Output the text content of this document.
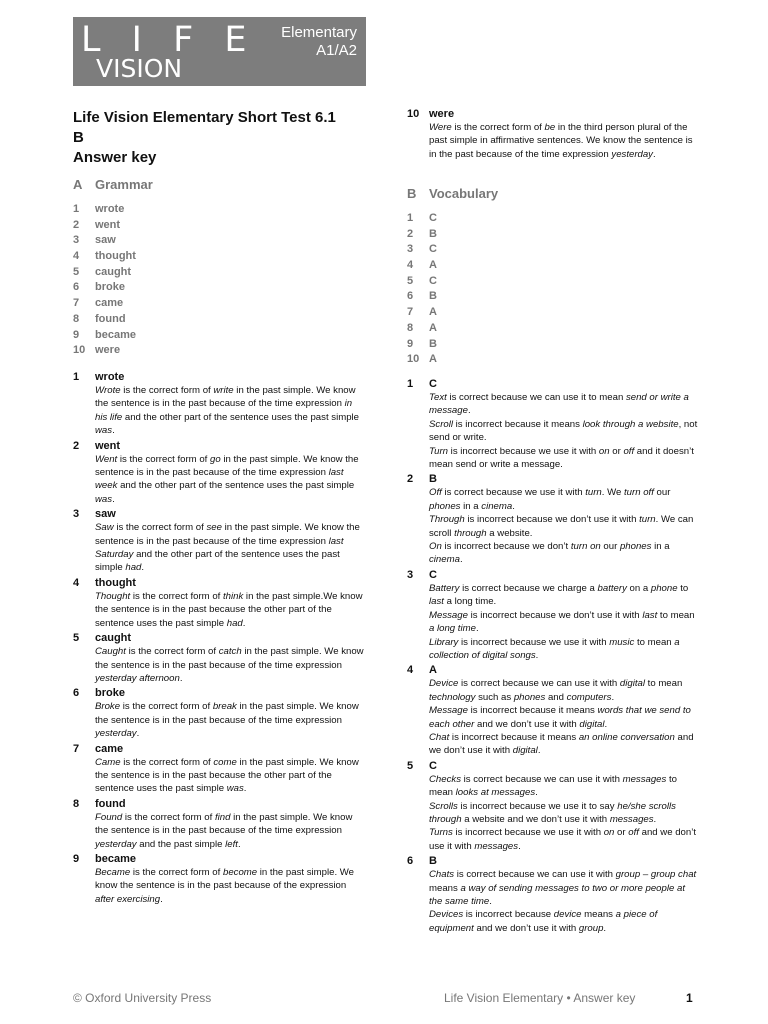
L I F E
VISION
Elementary
A1/A2
Life Vision Elementary Short Test 6.1
B
Answer key
A Grammar
1 wrote
2 went
3 saw
4 thought
5 caught
6 broke
7 came
8 found
9 became
10 were
1 wrote
Wrote is the correct form of write in the past simple. We know the sentence is in the past because of the time expression in his life and the other part of the sentence uses the past simple was.
2 went
Went is the correct form of go in the past simple. We know the sentence is in the past because of the time expression last week and the other part of the sentence uses the past simple was.
3 saw
Saw is the correct form of see in the past simple. We know the sentence is in the past because of the time expression last Saturday and the other part of the sentence uses the past simple had.
4 thought
Thought is the correct form of think in the past simple.We know the sentence is in the past because the other part of the sentence uses the past simple had.
5 caught
Caught is the correct form of catch in the past simple. We know the sentence is in the past because of the time expression yesterday afternoon.
6 broke
Broke is the correct form of break in the past simple. We know the sentence is in the past because of the time expression yesterday.
7 came
Came is the correct form of come in the past simple. We know the sentence is in the past because the other part of the sentence uses the past simple was.
8 found
Found is the correct form of find in the past simple. We know the sentence is in the past because of the time expression yesterday and the past simple left.
9 became
Became is the correct form of become in the past simple. We know the sentence is in the past because of the expression after exercising.
10 were
Were is the correct form of be in the third person plural of the past simple in affirmative sentences. We know the sentence is in the past because of the time expression yesterday.
B Vocabulary
1 C
2 B
3 C
4 A
5 C
6 B
7 A
8 A
9 B
10 A
1 C
Text is correct because we can use it to mean send or write a message.
Scroll is incorrect because it means look through a website, not send or write.
Turn is incorrect because we use it with on or off and it doesn’t mean send or write a message.
2 B
Off is correct because we use it with turn. We turn off our phones in a cinema.
Through is incorrect because we don’t use it with turn. We can scroll through a website.
On is incorrect because we don’t turn on our phones in a cinema.
3 C
Battery is correct because we charge a battery on a phone to last a long time.
Message is incorrect because we don’t use it with last to mean a long time.
Library is incorrect because we use it with music to mean a collection of digital songs.
4 A
Device is correct because we can use it with digital to mean technology such as phones and computers.
Message is incorrect because it means words that we send to each other and we don’t use it with digital.
Chat is incorrect because it means an online conversation and we don’t use it with digital.
5 C
Checks is correct because we can use it with messages to mean looks at messages.
Scrolls is incorrect because we use it to say he/she scrolls through a website and we don’t use it with messages.
Turns is incorrect because we use it with on or off and we don’t use it with messages.
6 B
Chats is correct because we can use it with group – group chat means a way of sending messages to two or more people at the same time.
Devices is incorrect because device means a piece of equipment and we don’t use it with group.
© Oxford University Press	Life Vision Elementary • Answer key	1
